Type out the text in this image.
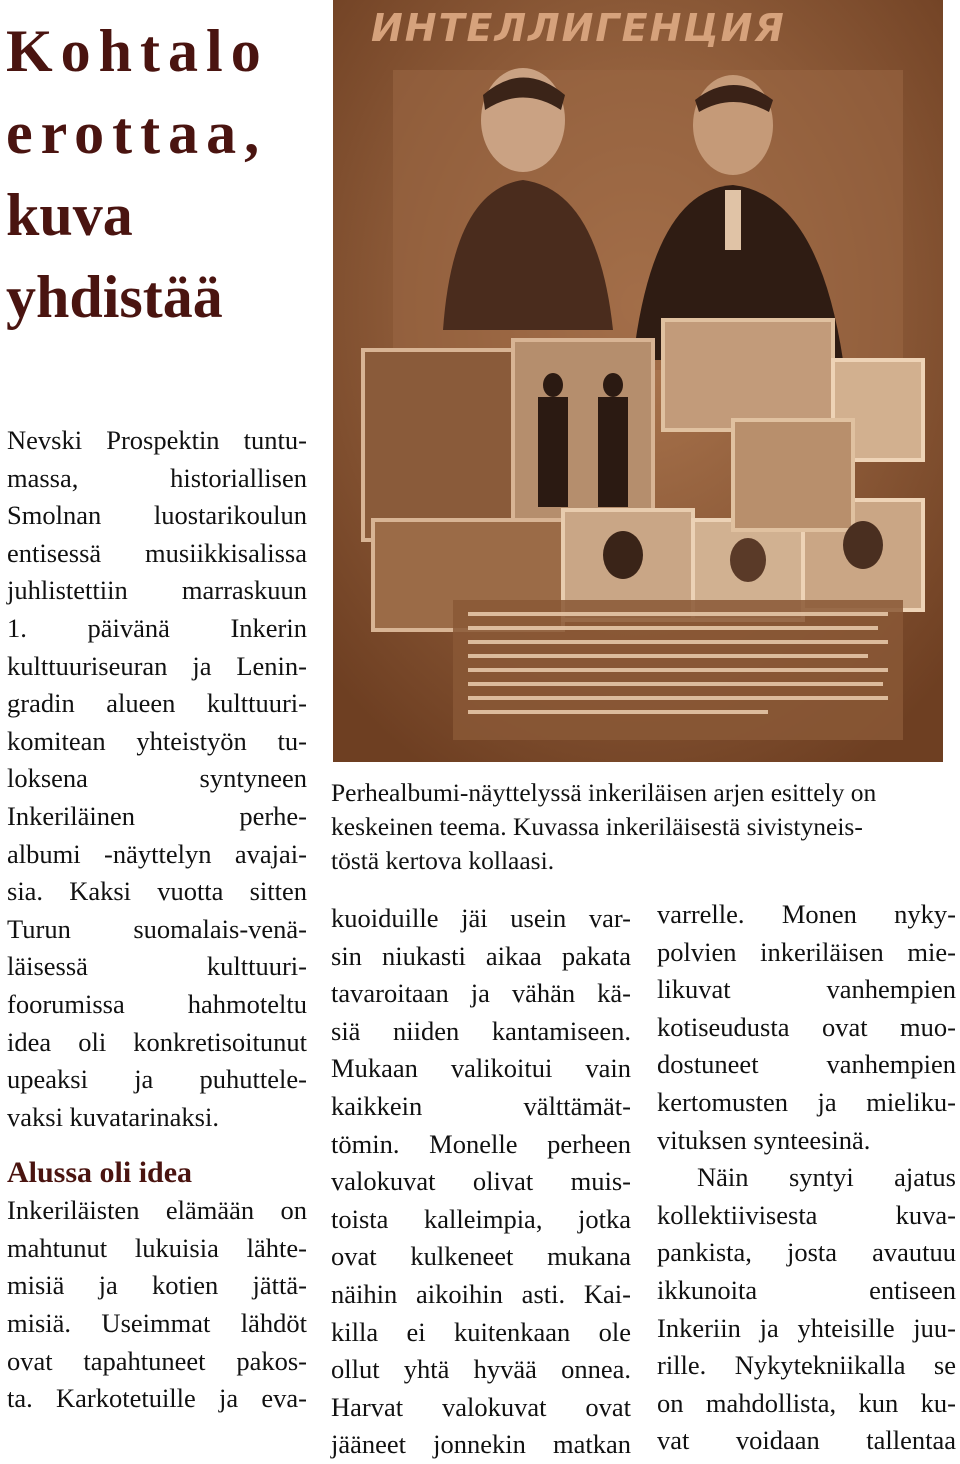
Kohtalo
erottaa,
kuva
yhdistää
ИНТЕЛЛИГЕНЦИЯ
Perhealbumi-näyttelyssä inkeriläisen arjen esittely on
keskeinen teema. Kuvassa inkeriläisestä sivistyneis-
töstä kertova kollaasi.
Nevski Prospektin tuntu-
massa, historiallisen
Smolnan luostarikoulun
entisessä musiikkisalissa
juhlistettiin marraskuun
1. päivänä Inkerin
kulttuuriseuran ja Lenin-
gradin alueen kulttuuri-
komitean yhteistyön tu-
loksena syntyneen
Inkeriläinen perhe-
albumi -näyttelyn avajai-
sia. Kaksi vuotta sitten
Turun suomalais-venä-
läisessä kulttuuri-
foorumissa hahmoteltu
idea oli konkretisoitunut
upeaksi ja puhuttele-
vaksi kuvatarinaksi.
Alussa oli idea
Inkeriläisten elämään on
mahtunut lukuisia lähte-
misiä ja kotien jättä-
misiä. Useimmat lähdöt
ovat tapahtuneet pakos-
ta. Karkotetuille ja eva-
kuoiduille jäi usein var-
sin niukasti aikaa pakata
tavaroitaan ja vähän kä-
siä niiden kantamiseen.
Mukaan valikoitui vain
kaikkein välttämät-
tömin. Monelle perheen
valokuvat olivat muis-
toista kalleimpia, jotka
ovat kulkeneet mukana
näihin aikoihin asti. Kai-
killa ei kuitenkaan ole
ollut yhtä hyvää onnea.
Harvat valokuvat ovat
jääneet jonnekin matkan
varrelle. Monen nyky-
polvien inkeriläisen mie-
likuvat vanhempien
kotiseudusta ovat muo-
dostuneet vanhempien
kertomusten ja mieliku-
vituksen synteesinä.
Näin syntyi ajatus
kollektiivisesta kuva-
pankista, josta avautuu
ikkunoita entiseen
Inkeriin ja yhteisille juu-
rille. Nykytekniikalla se
on mahdollista, kun ku-
vat voidaan tallentaa
